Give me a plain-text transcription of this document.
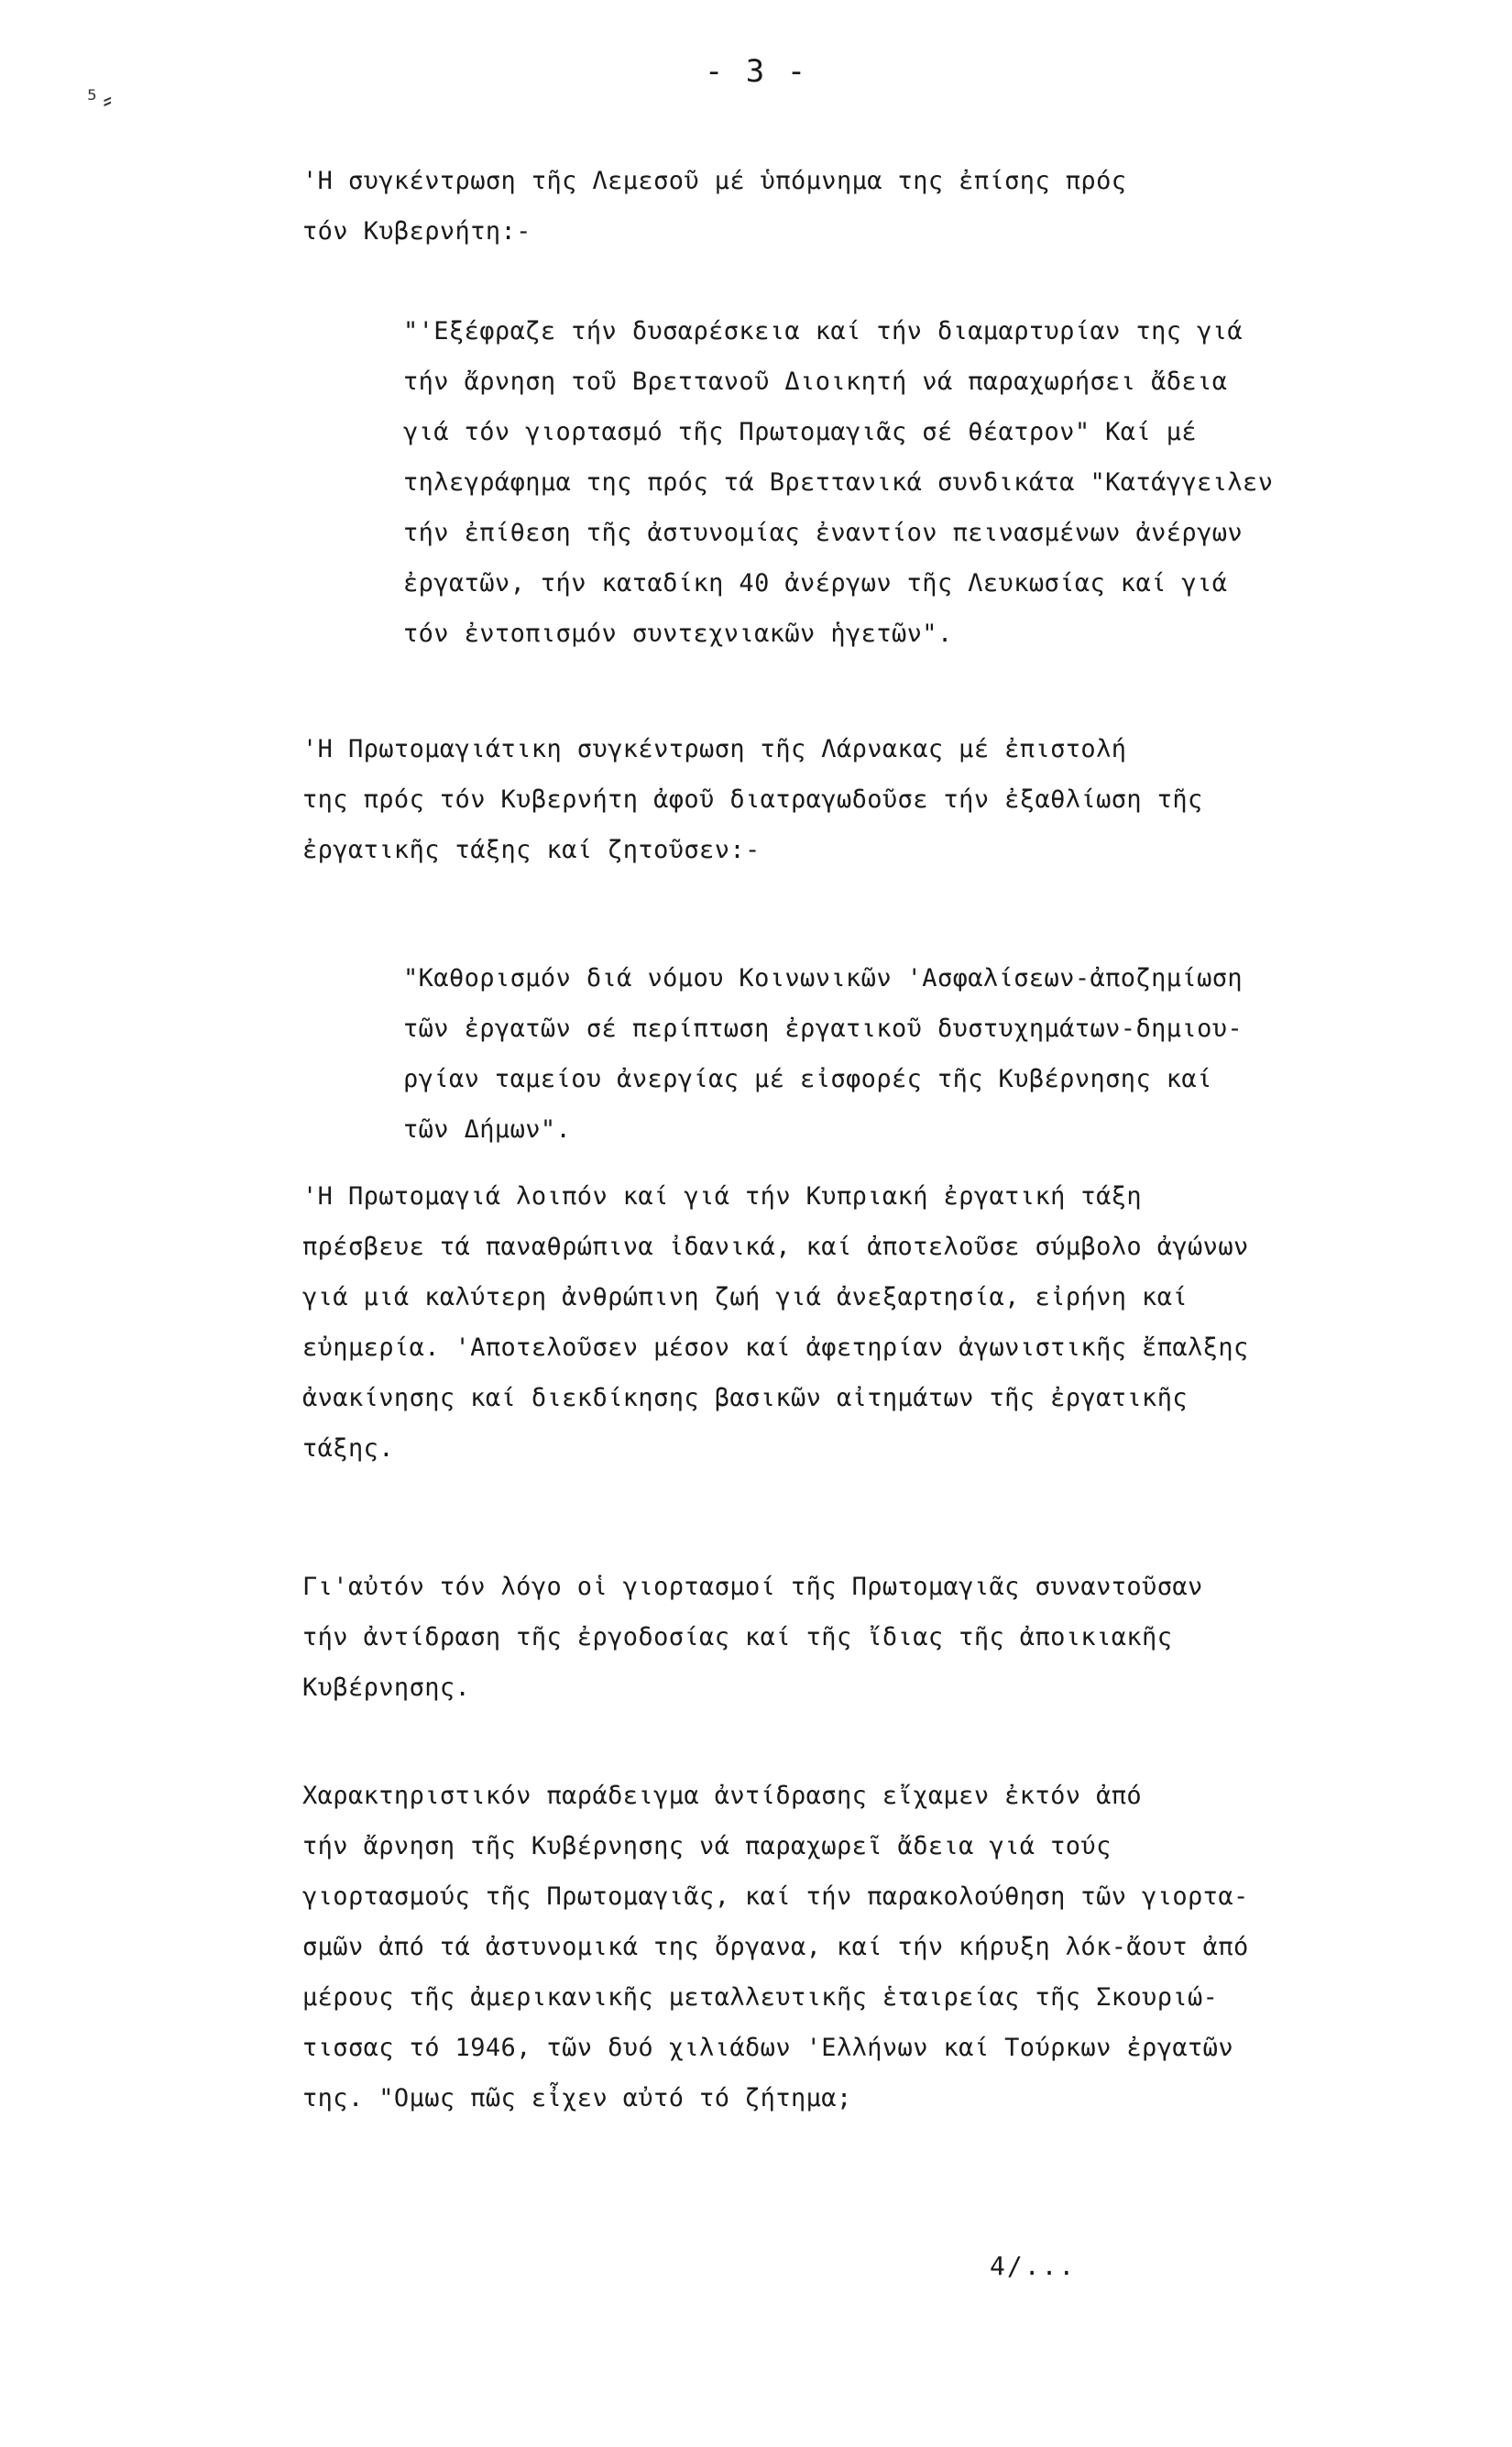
⁵⸗
- 3 -
'Η συγκέντρωση τῆς Λεμεσοῦ μέ ὑπόμνημα της ἐπίσης πρός
τόν Κυβερνήτη:-
"'Εξέφραζε τήν δυσαρέσκεια καί τήν διαμαρτυρίαν της γιά
τήν ἄρνηση τοῦ Βρεττανοῦ Διοικητή νά παραχωρήσει ἄδεια
γιά τόν γιορτασμό τῆς Πρωτομαγιᾶς σέ θέατρον" Καί μέ
τηλεγράφημα της πρός τά Βρεττανικά συνδικάτα "Κατάγγειλεν
τήν ἐπίθεση τῆς ἀστυνομίας ἐναντίον πεινασμένων ἀνέργων
ἐργατῶν, τήν καταδίκη 40 ἀνέργων τῆς Λευκωσίας καί γιά
τόν ἐντοπισμόν συντεχνιακῶν ἡγετῶν".
'Η Πρωτομαγιάτικη συγκέντρωση τῆς Λάρνακας μέ ἐπιστολή
της πρός τόν Κυβερνήτη ἀφοῦ διατραγωδοῦσε τήν ἐξαθλίωση τῆς
ἐργατικῆς τάξης καί ζητοῦσεν:-
"Καθορισμόν διά νόμου Κοινωνικῶν 'Ασφαλίσεων-ἀποζημίωση
τῶν ἐργατῶν σέ περίπτωση ἐργατικοῦ δυστυχημάτων-δημιου-
ργίαν ταμείου ἀνεργίας μέ εἰσφορές τῆς Κυβέρνησης καί
τῶν Δήμων".
'Η Πρωτομαγιά λοιπόν καί γιά τήν Κυπριακή ἐργατική τάξη
πρέσβευε τά παναθρώπινα ἰδανικά, καί ἀποτελοῦσε σύμβολο ἀγώνων
γιά μιά καλύτερη ἀνθρώπινη ζωή γιά ἀνεξαρτησία, εἰρήνη καί
εὐημερία. 'Αποτελοῦσεν μέσον καί ἀφετηρίαν ἀγωνιστικῆς ἔπαλξης
ἀνακίνησης καί διεκδίκησης βασικῶν αἰτημάτων τῆς ἐργατικῆς
τάξης.
Γι'αὐτόν τόν λόγο οἱ γιορτασμοί τῆς Πρωτομαγιᾶς συναντοῦσαν
τήν ἀντίδραση τῆς ἐργοδοσίας καί τῆς ἴδιας τῆς ἀποικιακῆς
Κυβέρνησης.
Χαρακτηριστικόν παράδειγμα ἀντίδρασης εἴχαμεν ἐκτόν ἀπό
τήν ἄρνηση τῆς Κυβέρνησης νά παραχωρεῖ ἄδεια γιά τούς
γιορτασμούς τῆς Πρωτομαγιᾶς, καί τήν παρακολούθηση τῶν γιορτα-
σμῶν ἀπό τά ἀστυνομικά της ὄργανα, καί τήν κήρυξη λόκ-ἄουτ ἀπό
μέρους τῆς ἀμερικανικῆς μεταλλευτικῆς ἑταιρείας τῆς Σκουριώ-
τισσας τό 1946, τῶν δυό χιλιάδων 'Ελλήνων καί Τούρκων ἐργατῶν
της. "Ομως πῶς εἶχεν αὐτό τό ζήτημα;
4/...
